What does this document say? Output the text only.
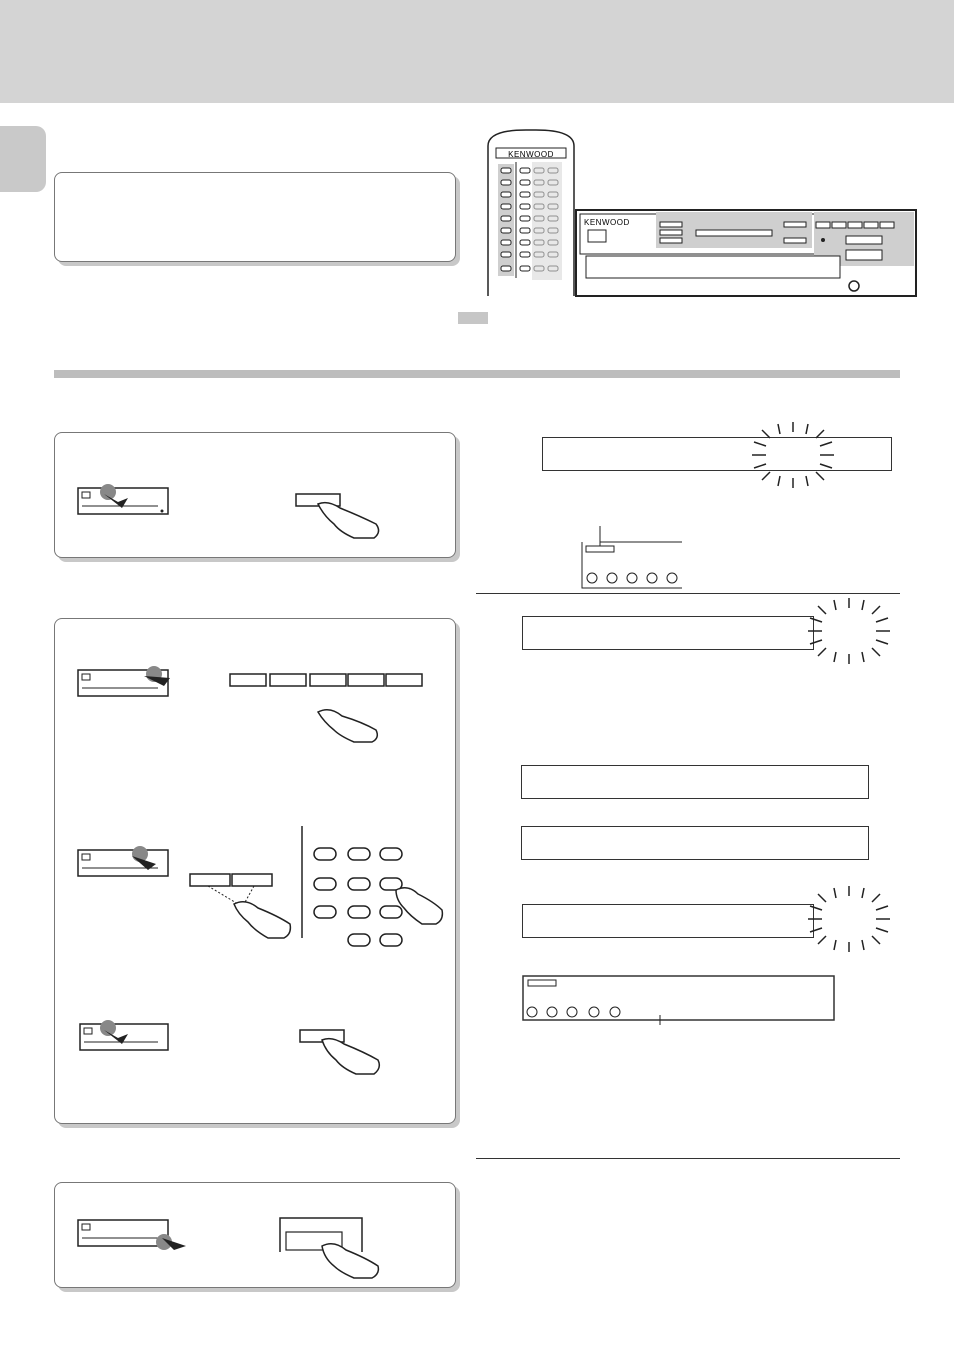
KENWOOD
KENWOOD
